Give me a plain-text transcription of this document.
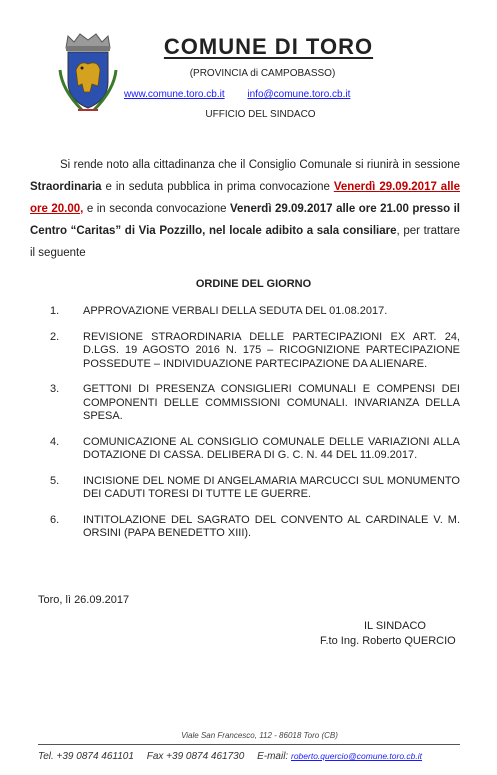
COMUNE DI TORO
(PROVINCIA di CAMPOBASSO)
www.comune.toro.cb.it info@comune.toro.cb.it
UFFICIO DEL SINDACO
Si rende noto alla cittadinanza che il Consiglio Comunale si riunirà in sessione Straordinaria e in seduta pubblica in prima convocazione Venerdì 29.09.2017 alle ore 20.00, e in seconda convocazione Venerdì 29.09.2017 alle ore 21.00 presso il Centro “Caritas” di Via Pozzillo, nel locale adibito a sala consiliare, per trattare il seguente
ORDINE DEL GIORNO
1. APPROVAZIONE VERBALI DELLA SEDUTA DEL 01.08.2017.
2. REVISIONE STRAORDINARIA DELLE PARTECIPAZIONI EX ART. 24, D.LGS. 19 AGOSTO 2016 N. 175 – RICOGNIZIONE PARTECIPAZIONE POSSEDUTE – INDIVIDUAZIONE PARTECIPAZIONE DA ALIENARE.
3. GETTONI DI PRESENZA CONSIGLIERI COMUNALI E COMPENSI DEI COMPONENTI DELLE COMMISSIONI COMUNALI. INVARIANZA DELLA SPESA.
4. COMUNICAZIONE AL CONSIGLIO COMUNALE DELLE VARIAZIONI ALLA DOTAZIONE DI CASSA. DELIBERA DI G. C. N. 44 DEL 11.09.2017.
5. INCISIONE DEL NOME DI ANGELAMARIA MARCUCCI SUL MONUMENTO DEI CADUTI TORESI DI TUTTE LE GUERRE.
6. INTITOLAZIONE DEL SAGRATO DEL CONVENTO AL CARDINALE V. M. ORSINI (PAPA BENEDETTO XIII).
Toro, lì 26.09.2017
IL SINDACO
F.to Ing. Roberto QUERCIO
Viale San Francesco, 112 - 86018 Toro (CB)
Tel. +39 0874 461101 Fax +39 0874 461730 E-mail: roberto.quercio@comune.toro.cb.it
